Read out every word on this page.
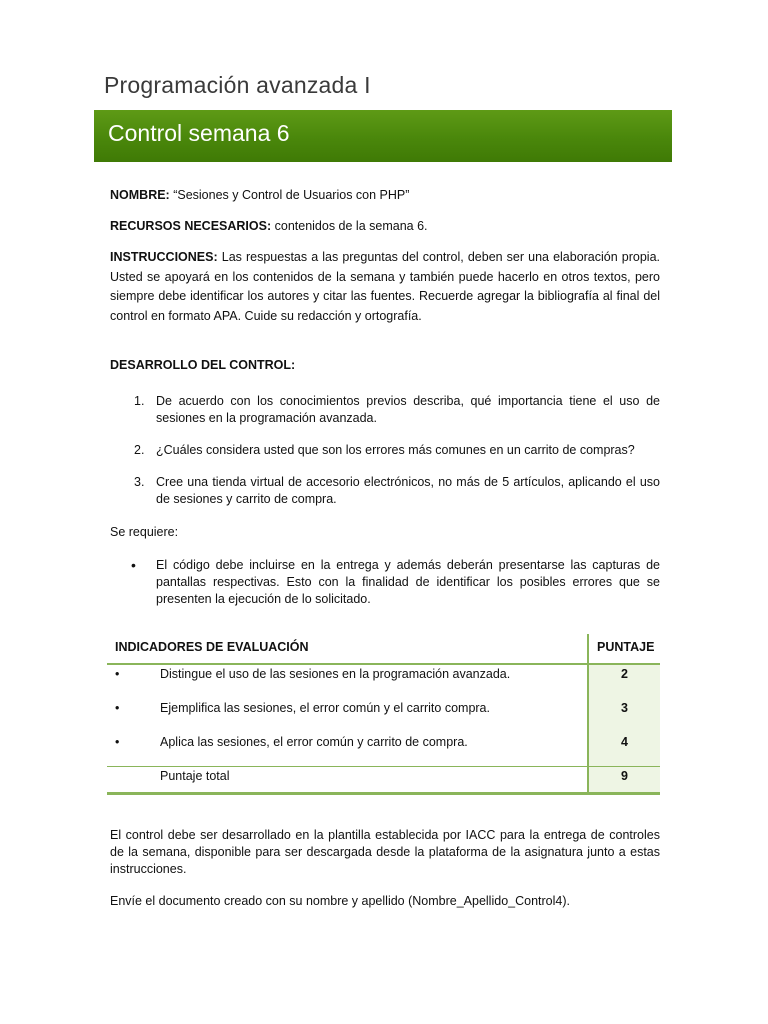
Programación avanzada I
Control semana 6
NOMBRE: “Sesiones y Control de Usuarios con PHP”
RECURSOS NECESARIOS: contenidos de la semana 6.
INSTRUCCIONES: Las respuestas a las preguntas del control, deben ser una elaboración propia. Usted se apoyará en los contenidos de la semana y también puede hacerlo en otros textos, pero siempre debe identificar los autores y citar las fuentes. Recuerde agregar la bibliografía al final del control en formato APA. Cuide su redacción y ortografía.
DESARROLLO DEL CONTROL:
1. De acuerdo con los conocimientos previos describa, qué importancia tiene el uso de sesiones en la programación avanzada.
2. ¿Cuáles considera usted que son los errores más comunes en un carrito de compras?
3. Cree una tienda virtual de accesorio electrónicos, no más de 5 artículos, aplicando el uso de sesiones y carrito de compra.
Se requiere:
•	El código debe incluirse en la entrega y además deberán presentarse las capturas de pantallas respectivas. Esto con la finalidad de identificar los posibles errores que se presenten la ejecución de lo solicitado.
INDICADORES DE EVALUACIÓN	PUNTAJE
•	Distingue el uso de las sesiones en la programación avanzada.	2
•	Ejemplifica las sesiones, el error común y el carrito compra.	3
•	Aplica las sesiones, el error común y carrito de compra.	4
Puntaje total	9
El control debe ser desarrollado en la plantilla establecida por IACC para la entrega de controles de la semana, disponible para ser descargada desde la plataforma de la asignatura junto a estas instrucciones.
Envíe el documento creado con su nombre y apellido (Nombre_Apellido_Control4).
